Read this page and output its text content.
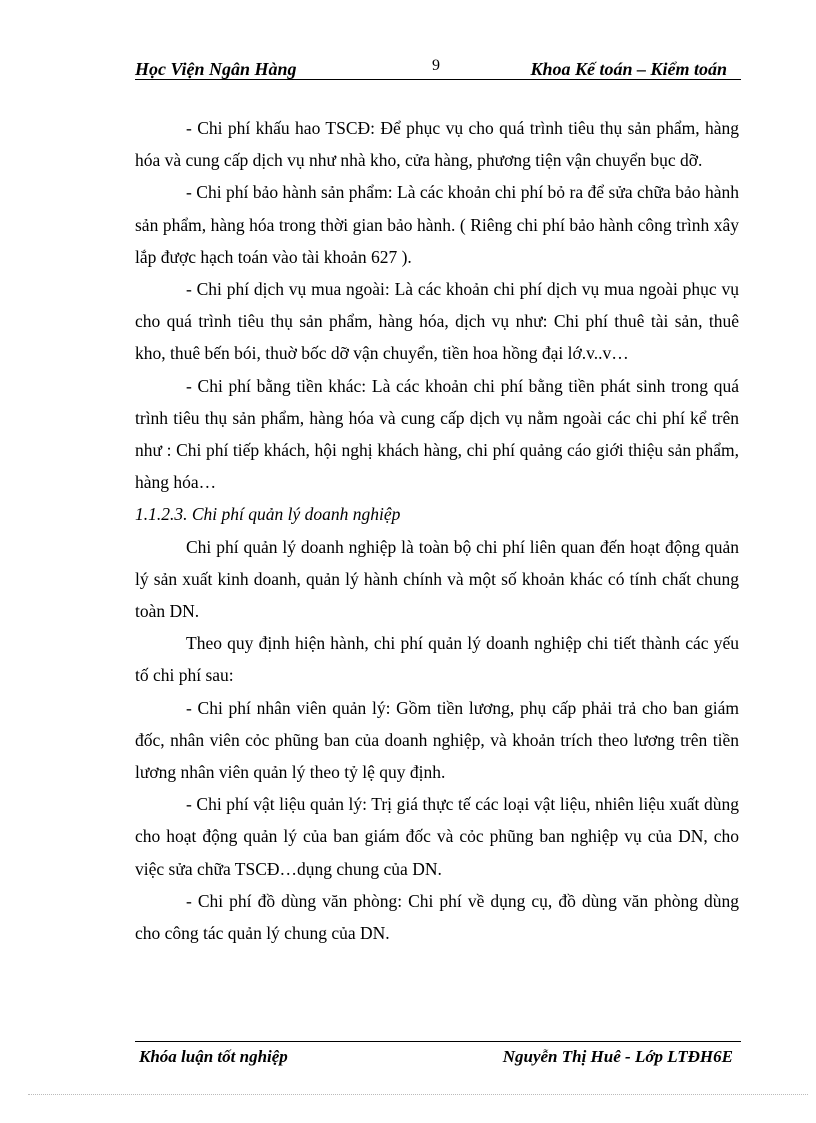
Học Viện Ngân Hàng	9	Khoa Kế toán – Kiểm toán

- Chi phí khấu hao TSCĐ: Để phục vụ cho quá trình tiêu thụ sản phẩm, hàng hóa và cung cấp dịch vụ như nhà kho, cửa hàng, phương tiện vận chuyển bục dỡ.

- Chi phí bảo hành sản phẩm: Là các khoản chi phí bỏ ra để sửa chữa bảo hành sản phẩm, hàng hóa trong thời gian bảo hành. ( Riêng chi phí bảo hành công trình xây lắp được hạch toán vào tài khoản 627 ).

- Chi phí dịch vụ mua ngoài: Là các khoản chi phí dịch vụ mua ngoài phục vụ cho quá trình tiêu thụ sản phẩm, hàng hóa, dịch vụ như: Chi phí thuê tài sản, thuê kho, thuê bến bói, thuờ bốc dỡ vận chuyển, tiền hoa hồng đại lớ.v..v…

- Chi phí bằng tiền khác: Là các khoản chi phí bằng tiền phát sinh trong quá trình tiêu thụ sản phẩm, hàng hóa và cung cấp dịch vụ nằm ngoài các chi phí kể trên như : Chi phí tiếp khách, hội nghị khách hàng, chi phí quảng cáo giới thiệu sản phẩm, hàng hóa…

1.1.2.3. Chi phí quản lý doanh nghiệp

Chi phí quản lý doanh nghiệp là toàn bộ chi phí liên quan đến hoạt động quản lý sản xuất kinh doanh, quản lý hành chính và một số khoản khác có tính chất chung toàn DN.

Theo quy định hiện hành, chi phí quản lý doanh nghiệp chi tiết thành các yếu tố chi phí sau:

- Chi phí nhân viên quản lý: Gồm tiền lương, phụ cấp phải trả cho ban giám đốc, nhân viên cỏc phũng ban của doanh nghiệp, và khoản trích theo lương trên tiền lương nhân viên quản lý theo tỷ lệ quy định.

- Chi phí vật liệu quản lý: Trị giá thực tế các loại vật liệu, nhiên liệu xuất dùng cho hoạt động quản lý của ban giám đốc và cỏc phũng ban nghiệp vụ của DN, cho việc sửa chữa TSCĐ…dụng chung của DN.

- Chi phí đồ dùng văn phòng: Chi phí về dụng cụ, đồ dùng văn phòng dùng cho công tác quản lý chung của DN.

Khóa luận tốt nghiệp	Nguyễn Thị Huê - Lớp LTĐH6E
